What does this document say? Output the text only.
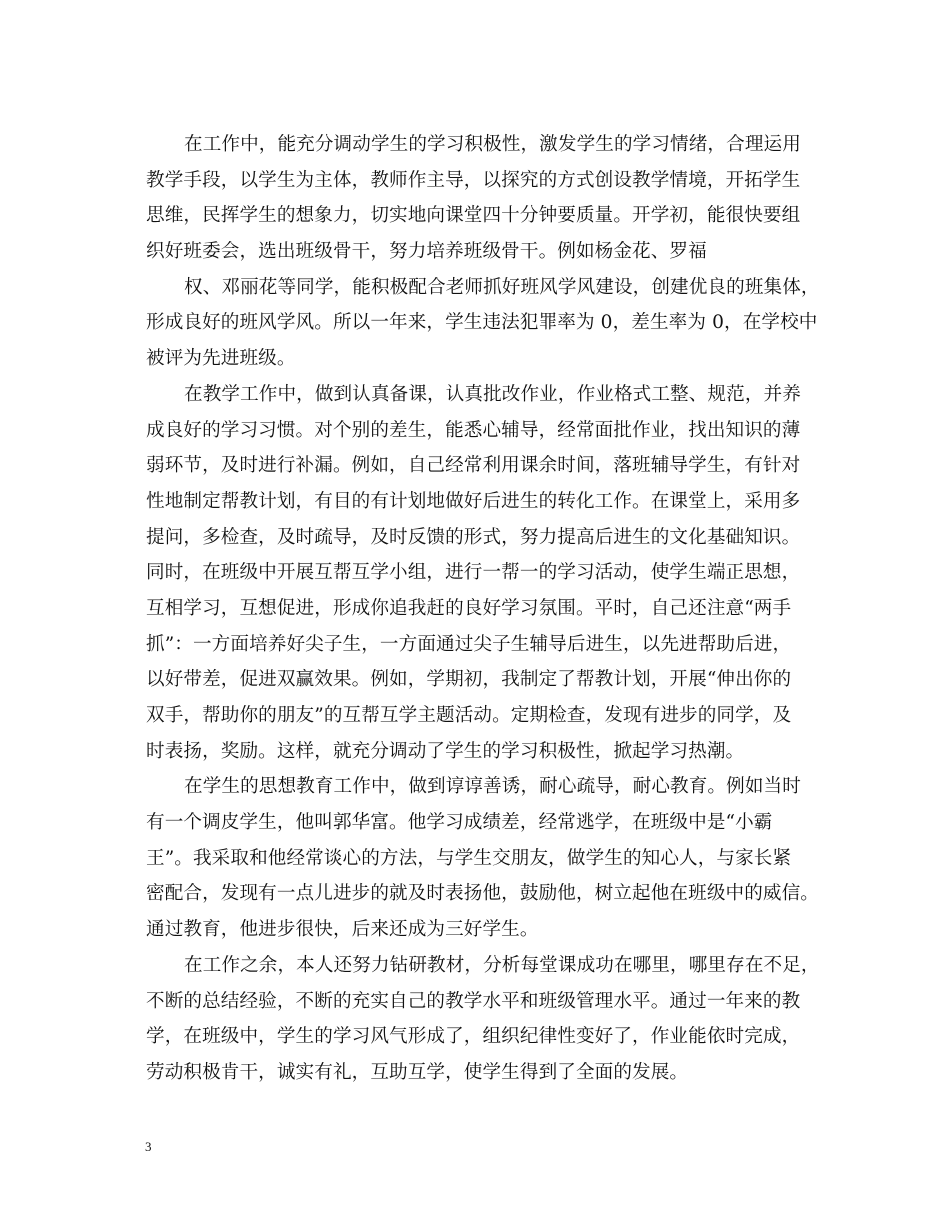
在工作中，能充分调动学生的学习积极性，激发学生的学习情绪，合理运用
教学手段，以学生为主体，教师作主导，以探究的方式创设教学情境，开拓学生
思维，民挥学生的想象力，切实地向课堂四十分钟要质量。开学初，能很快要组
织好班委会，选出班级骨干，努力培养班级骨干。例如杨金花、罗福
权、邓丽花等同学，能积极配合老师抓好班风学风建设，创建优良的班集体，
形成良好的班风学风。所以一年来，学生违法犯罪率为 0，差生率为 0，在学校中
被评为先进班级。
在教学工作中，做到认真备课，认真批改作业，作业格式工整、规范，并养
成良好的学习习惯。对个别的差生，能悉心辅导，经常面批作业，找出知识的薄
弱环节，及时进行补漏。例如，自己经常利用课余时间，落班辅导学生，有针对
性地制定帮教计划，有目的有计划地做好后进生的转化工作。在课堂上，采用多
提问，多检查，及时疏导，及时反馈的形式，努力提高后进生的文化基础知识。
同时，在班级中开展互帮互学小组，进行一帮一的学习活动，使学生端正思想，
互相学习，互想促进，形成你追我赶的良好学习氛围。平时，自己还注意“两手
抓”：一方面培养好尖子生，一方面通过尖子生辅导后进生，以先进帮助后进，
以好带差，促进双赢效果。例如，学期初，我制定了帮教计划，开展“伸出你的
双手，帮助你的朋友”的互帮互学主题活动。定期检查，发现有进步的同学，及
时表扬，奖励。这样，就充分调动了学生的学习积极性，掀起学习热潮。
在学生的思想教育工作中，做到谆谆善诱，耐心疏导，耐心教育。例如当时
有一个调皮学生，他叫郭华富。他学习成绩差，经常逃学，在班级中是“小霸
王”。我采取和他经常谈心的方法，与学生交朋友，做学生的知心人，与家长紧
密配合，发现有一点儿进步的就及时表扬他，鼓励他，树立起他在班级中的威信。
通过教育，他进步很快，后来还成为三好学生。
在工作之余，本人还努力钻研教材，分析每堂课成功在哪里，哪里存在不足，
不断的总结经验，不断的充实自己的教学水平和班级管理水平。通过一年来的教
学，在班级中，学生的学习风气形成了，组织纪律性变好了，作业能依时完成，
劳动积极肯干，诚实有礼，互助互学，使学生得到了全面的发展。
3
